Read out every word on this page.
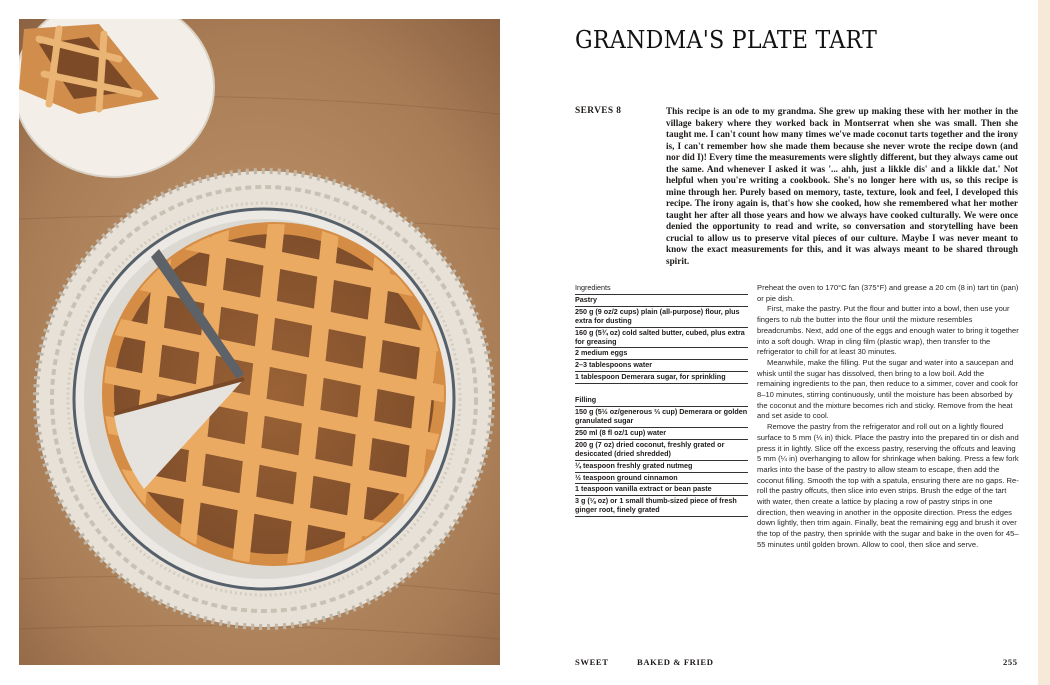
GRANDMA'S PLATE TART
SERVES 8	This recipe is an ode to my grandma. She grew up making these with her mother in the village bakery where they worked back in Montserrat when she was small. Then she taught me. I can't count how many times we've made coconut tarts together and the irony is, I can't remember how she made them because she never wrote the recipe down (and nor did I)! Every time the measurements were slightly different, but they always came out the same. And whenever I asked it was '... ahh, just a likkle dis' and a likkle dat.' Not helpful when you're writing a cookbook. She's no longer here with us, so this recipe is mine through her. Purely based on memory, taste, texture, look and feel, I developed this recipe. The irony again is, that's how she cooked, how she remembered what her mother taught her after all those years and how we always have cooked culturally. We were once denied the opportunity to read and write, so conversation and storytelling have been crucial to allow us to preserve vital pieces of our culture. Maybe I was never meant to know the exact measurements for this, and it was always meant to be shared through spirit.

Ingredients
Pastry
250 g (9 oz/2 cups) plain (all-purpose) flour, plus extra for dusting
160 g (5¾ oz) cold salted butter, cubed, plus extra for greasing
2 medium eggs
2–3 tablespoons water
1 tablespoon Demerara sugar, for sprinkling
Filling
150 g (5½ oz/generous ⅔ cup) Demerara or golden granulated sugar
250 ml (8 fl oz/1 cup) water
200 g (7 oz) dried coconut, freshly grated or desiccated (dried shredded)
¼ teaspoon freshly grated nutmeg
½ teaspoon ground cinnamon
1 teaspoon vanilla extract or bean paste
3 g (⅛ oz) or 1 small thumb-sized piece of fresh ginger root, finely grated

Preheat the oven to 170°C fan (375°F) and grease a 20 cm (8 in) tart tin (pan) or pie dish.

First, make the pastry. Put the flour and butter into a bowl, then use your fingers to rub the butter into the flour until the mixture resembles breadcrumbs. Next, add one of the eggs and enough water to bring it together into a soft dough. Wrap in cling film (plastic wrap), then transfer to the refrigerator to chill for at least 30 minutes.

Meanwhile, make the filling. Put the sugar and water into a saucepan and whisk until the sugar has dissolved, then bring to a low boil. Add the remaining ingredients to the pan, then reduce to a simmer, cover and cook for 8–10 minutes, stirring continuously, until the moisture has been absorbed by the coconut and the mixture becomes rich and sticky. Remove from the heat and set aside to cool.

Remove the pastry from the refrigerator and roll out on a lightly floured surface to 5 mm (¼ in) thick. Place the pastry into the prepared tin or dish and press it in lightly. Slice off the excess pastry, reserving the offcuts and leaving 5 mm (¼ in) overhanging to allow for shrinkage when baking. Press a few fork marks into the base of the pastry to allow steam to escape, then add the coconut filling. Smooth the top with a spatula, ensuring there are no gaps. Re-roll the pastry offcuts, then slice into even strips. Brush the edge of the tart with water, then create a lattice by placing a row of pastry strips in one direction, then weaving in another in the opposite direction. Press the edges down lightly, then trim again. Finally, beat the remaining egg and brush it over the top of the pastry, then sprinkle with the sugar and bake in the oven for 45–55 minutes until golden brown. Allow to cool, then slice and serve.

SWEET	BAKED & FRIED	255
